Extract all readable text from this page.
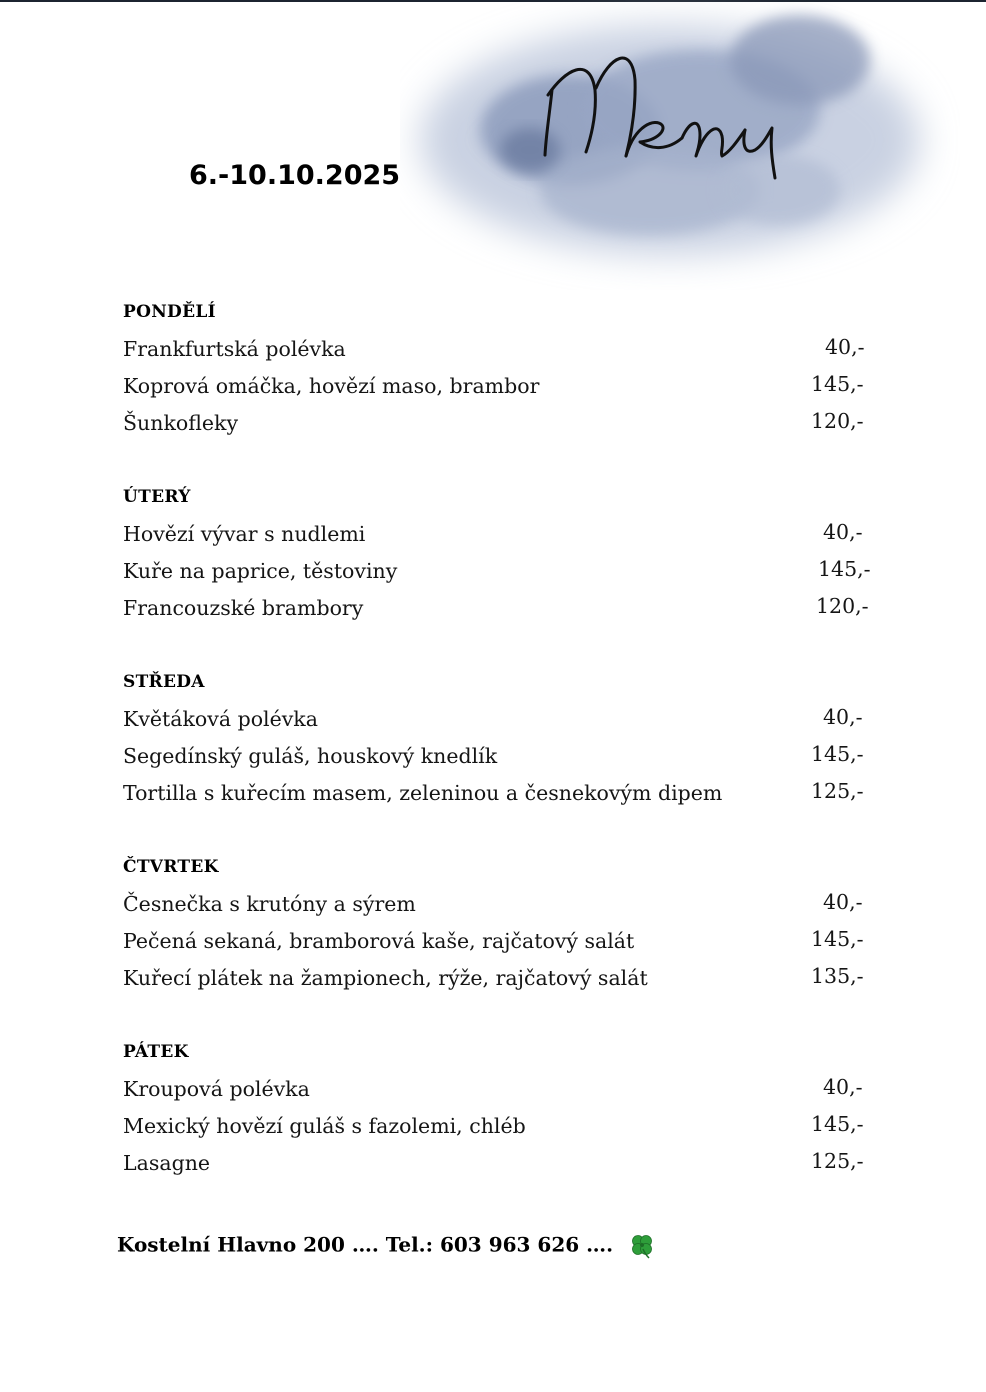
6.-10.10.2025
PONDĚLÍ
Frankfurtská polévka	40,-
Koprová omáčka, hovězí maso, brambor	145,-
Šunkofleky	120,-
ÚTERÝ
Hovězí vývar s nudlemi	40,-
Kuře na paprice, těstoviny	145,-
Francouzské brambory	120,-
STŘEDA
Květáková polévka	40,-
Segedínský guláš, houskový knedlík	145,-
Tortilla s kuřecím masem, zeleninou a česnekovým dipem	125,-
ČTVRTEK
Česnečka s krutóny a sýrem	40,-
Pečená sekaná, bramborová kaše, rajčatový salát	145,-
Kuřecí plátek na žampionech, rýže, rajčatový salát	135,-
PÁTEK
Kroupová polévka	40,-
Mexický hovězí guláš s fazolemi, chléb	145,-
Lasagne	125,-
Kostelní Hlavno 200 …. Tel.: 603 963 626 ….
